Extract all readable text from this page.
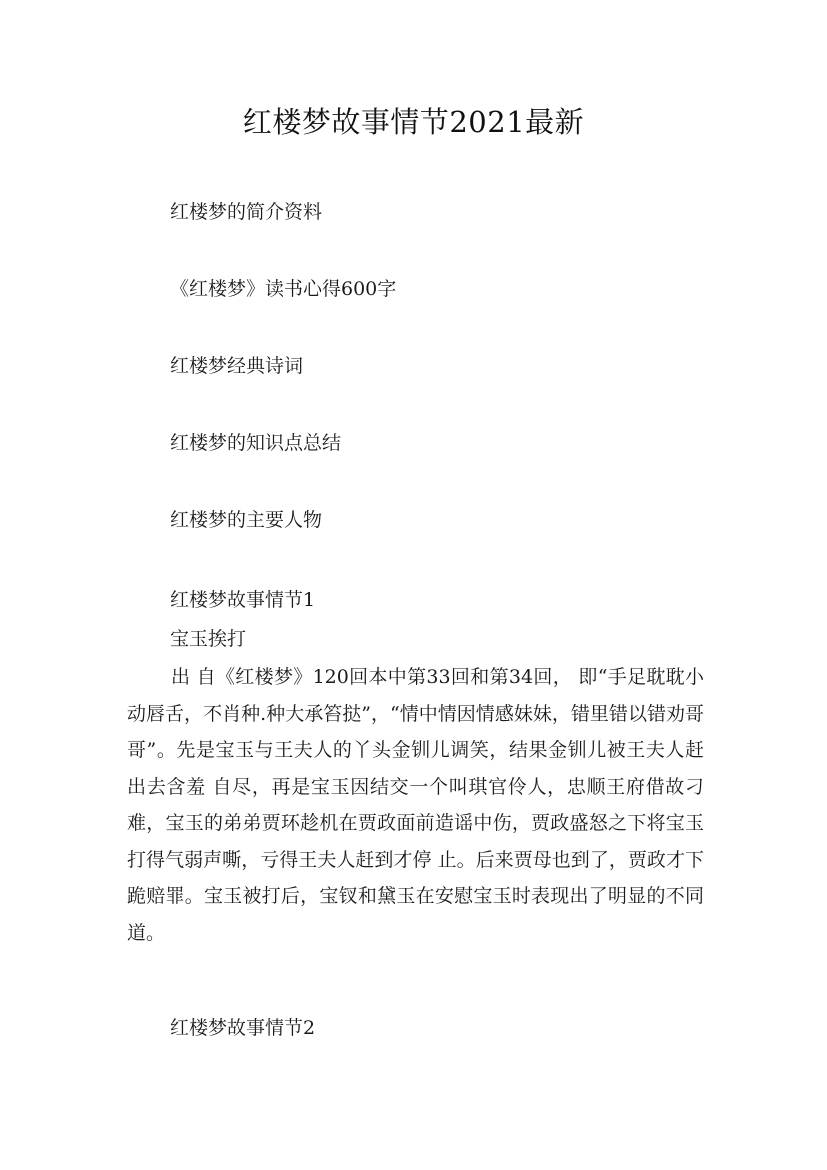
红楼梦故事情节2021最新
红楼梦的简介资料
《红楼梦》读书心得600字
红楼梦经典诗词
红楼梦的知识点总结
红楼梦的主要人物
红楼梦故事情节1
宝玉挨打

出 自《红楼梦》120回本中第33回和第34回， 即“手足耽耽小动唇舌，不肖种.种大承笞挞”，“情中情因情感妹妹，错里错以错劝哥哥”。先是宝玉与王夫人的丫头金钏儿调笑，结果金钏儿被王夫人赶出去含羞 自尽，再是宝玉因结交一个叫琪官伶人，忠顺王府借故刁难，宝玉的弟弟贾环趁机在贾政面前造谣中伤，贾政盛怒之下将宝玉打得气弱声嘶，亏得王夫人赶到才停 止。后来贾母也到了，贾政才下跪赔罪。宝玉被打后，宝钗和黛玉在安慰宝玉时表现出了明显的不同道。

红楼梦故事情节2
